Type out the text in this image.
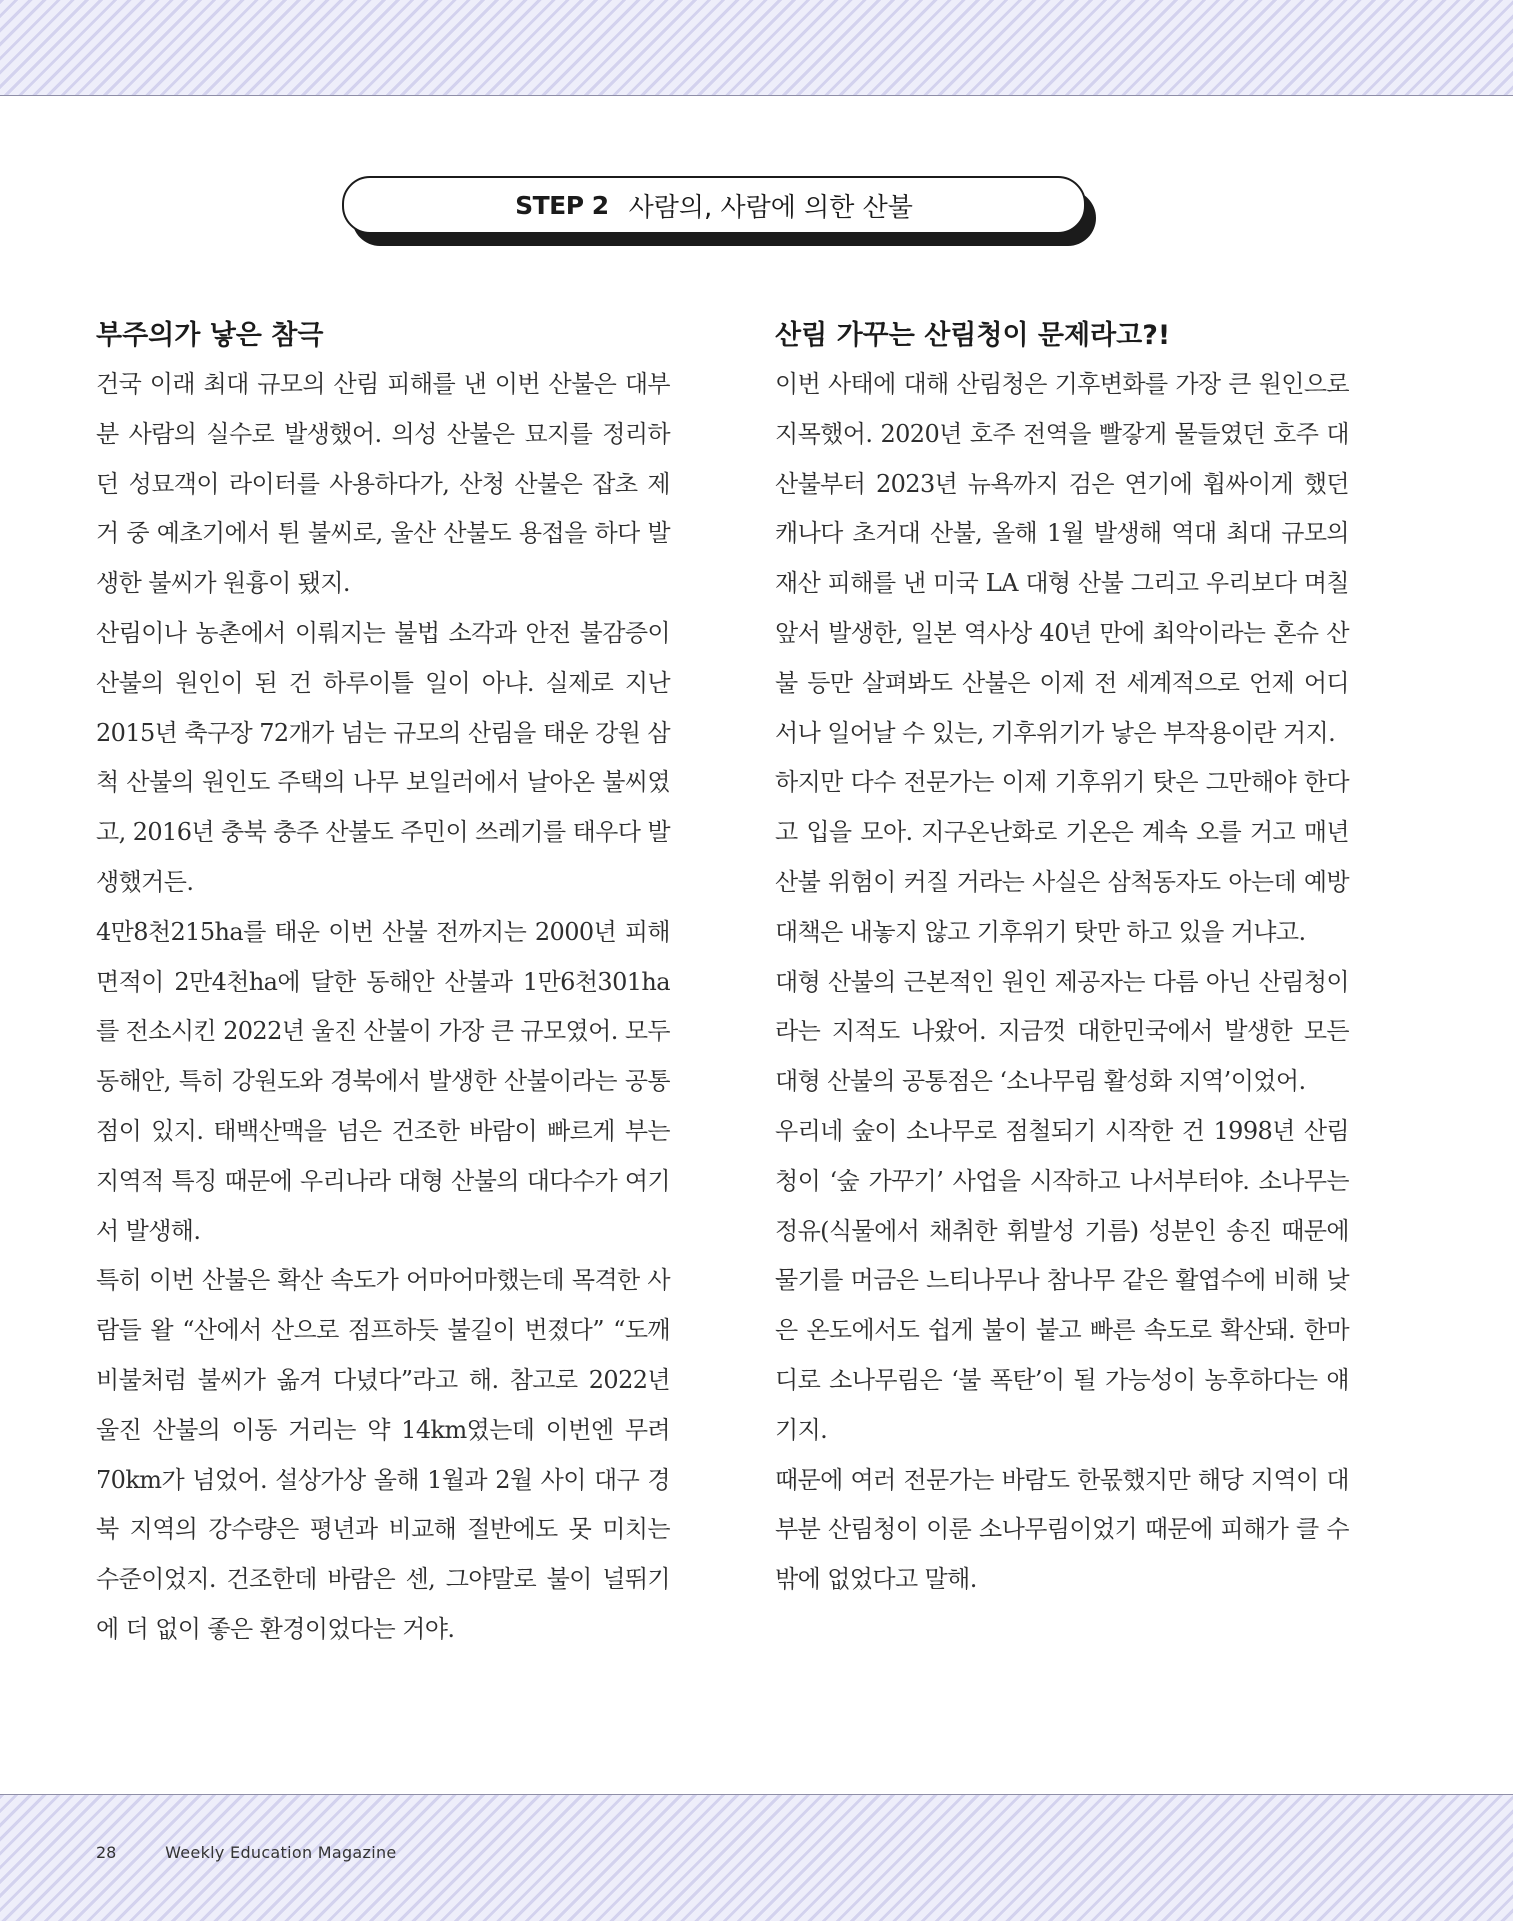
STEP 2 사람의, 사람에 의한 산불
부주의가 낳은 참극

건국 이래 최대 규모의 산림 피해를 낸 이번 산불은 대부분 사람의 실수로 발생했어. 의성 산불은 묘지를 정리하던 성묘객이 라이터를 사용하다가, 산청 산불은 잡초 제거 중 예초기에서 튄 불씨로, 울산 산불도 용접을 하다 발생한 불씨가 원흉이 됐지.

산림이나 농촌에서 이뤄지는 불법 소각과 안전 불감증이 산불의 원인이 된 건 하루이틀 일이 아냐. 실제로 지난 2015년 축구장 72개가 넘는 규모의 산림을 태운 강원 삼척 산불의 원인도 주택의 나무 보일러에서 날아온 불씨였고, 2016년 충북 충주 산불도 주민이 쓰레기를 태우다 발생했거든.

4만8천215ha를 태운 이번 산불 전까지는 2000년 피해 면적이 2만4천ha에 달한 동해안 산불과 1만6천301ha를 전소시킨 2022년 울진 산불이 가장 큰 규모였어. 모두 동해안, 특히 강원도와 경북에서 발생한 산불이라는 공통점이 있지. 태백산맥을 넘은 건조한 바람이 빠르게 부는 지역적 특징 때문에 우리나라 대형 산불의 대다수가 여기서 발생해.

특히 이번 산불은 확산 속도가 어마어마했는데 목격한 사람들 왈 “산에서 산으로 점프하듯 불길이 번졌다” “도깨비불처럼 불씨가 옮겨 다녔다”라고 해. 참고로 2022년 울진 산불의 이동 거리는 약 14km였는데 이번엔 무려 70km가 넘었어. 설상가상 올해 1월과 2월 사이 대구 경북 지역의 강수량은 평년과 비교해 절반에도 못 미치는 수준이었지. 건조한데 바람은 센, 그야말로 불이 널뛰기에 더 없이 좋은 환경이었다는 거야.

산림 가꾸는 산림청이 문제라고?!

이번 사태에 대해 산림청은 기후변화를 가장 큰 원인으로 지목했어. 2020년 호주 전역을 빨갛게 물들였던 호주 대산불부터 2023년 뉴욕까지 검은 연기에 휩싸이게 했던 캐나다 초거대 산불, 올해 1월 발생해 역대 최대 규모의 재산 피해를 낸 미국 LA 대형 산불 그리고 우리보다 며칠 앞서 발생한, 일본 역사상 40년 만에 최악이라는 혼슈 산불 등만 살펴봐도 산불은 이제 전 세계적으로 언제 어디서나 일어날 수 있는, 기후위기가 낳은 부작용이란 거지.

하지만 다수 전문가는 이제 기후위기 탓은 그만해야 한다고 입을 모아. 지구온난화로 기온은 계속 오를 거고 매년 산불 위험이 커질 거라는 사실은 삼척동자도 아는데 예방 대책은 내놓지 않고 기후위기 탓만 하고 있을 거냐고.

대형 산불의 근본적인 원인 제공자는 다름 아닌 산림청이라는 지적도 나왔어. 지금껏 대한민국에서 발생한 모든 대형 산불의 공통점은 ‘소나무림 활성화 지역’이었어.

우리네 숲이 소나무로 점철되기 시작한 건 1998년 산림청이 ‘숲 가꾸기’ 사업을 시작하고 나서부터야. 소나무는 정유(식물에서 채취한 휘발성 기름) 성분인 송진 때문에 물기를 머금은 느티나무나 참나무 같은 활엽수에 비해 낮은 온도에서도 쉽게 불이 붙고 빠른 속도로 확산돼. 한마디로 소나무림은 ‘불 폭탄’이 될 가능성이 농후하다는 얘기지.

때문에 여러 전문가는 바람도 한몫했지만 해당 지역이 대부분 산림청이 이룬 소나무림이었기 때문에 피해가 클 수밖에 없었다고 말해.

28	Weekly Education Magazine
